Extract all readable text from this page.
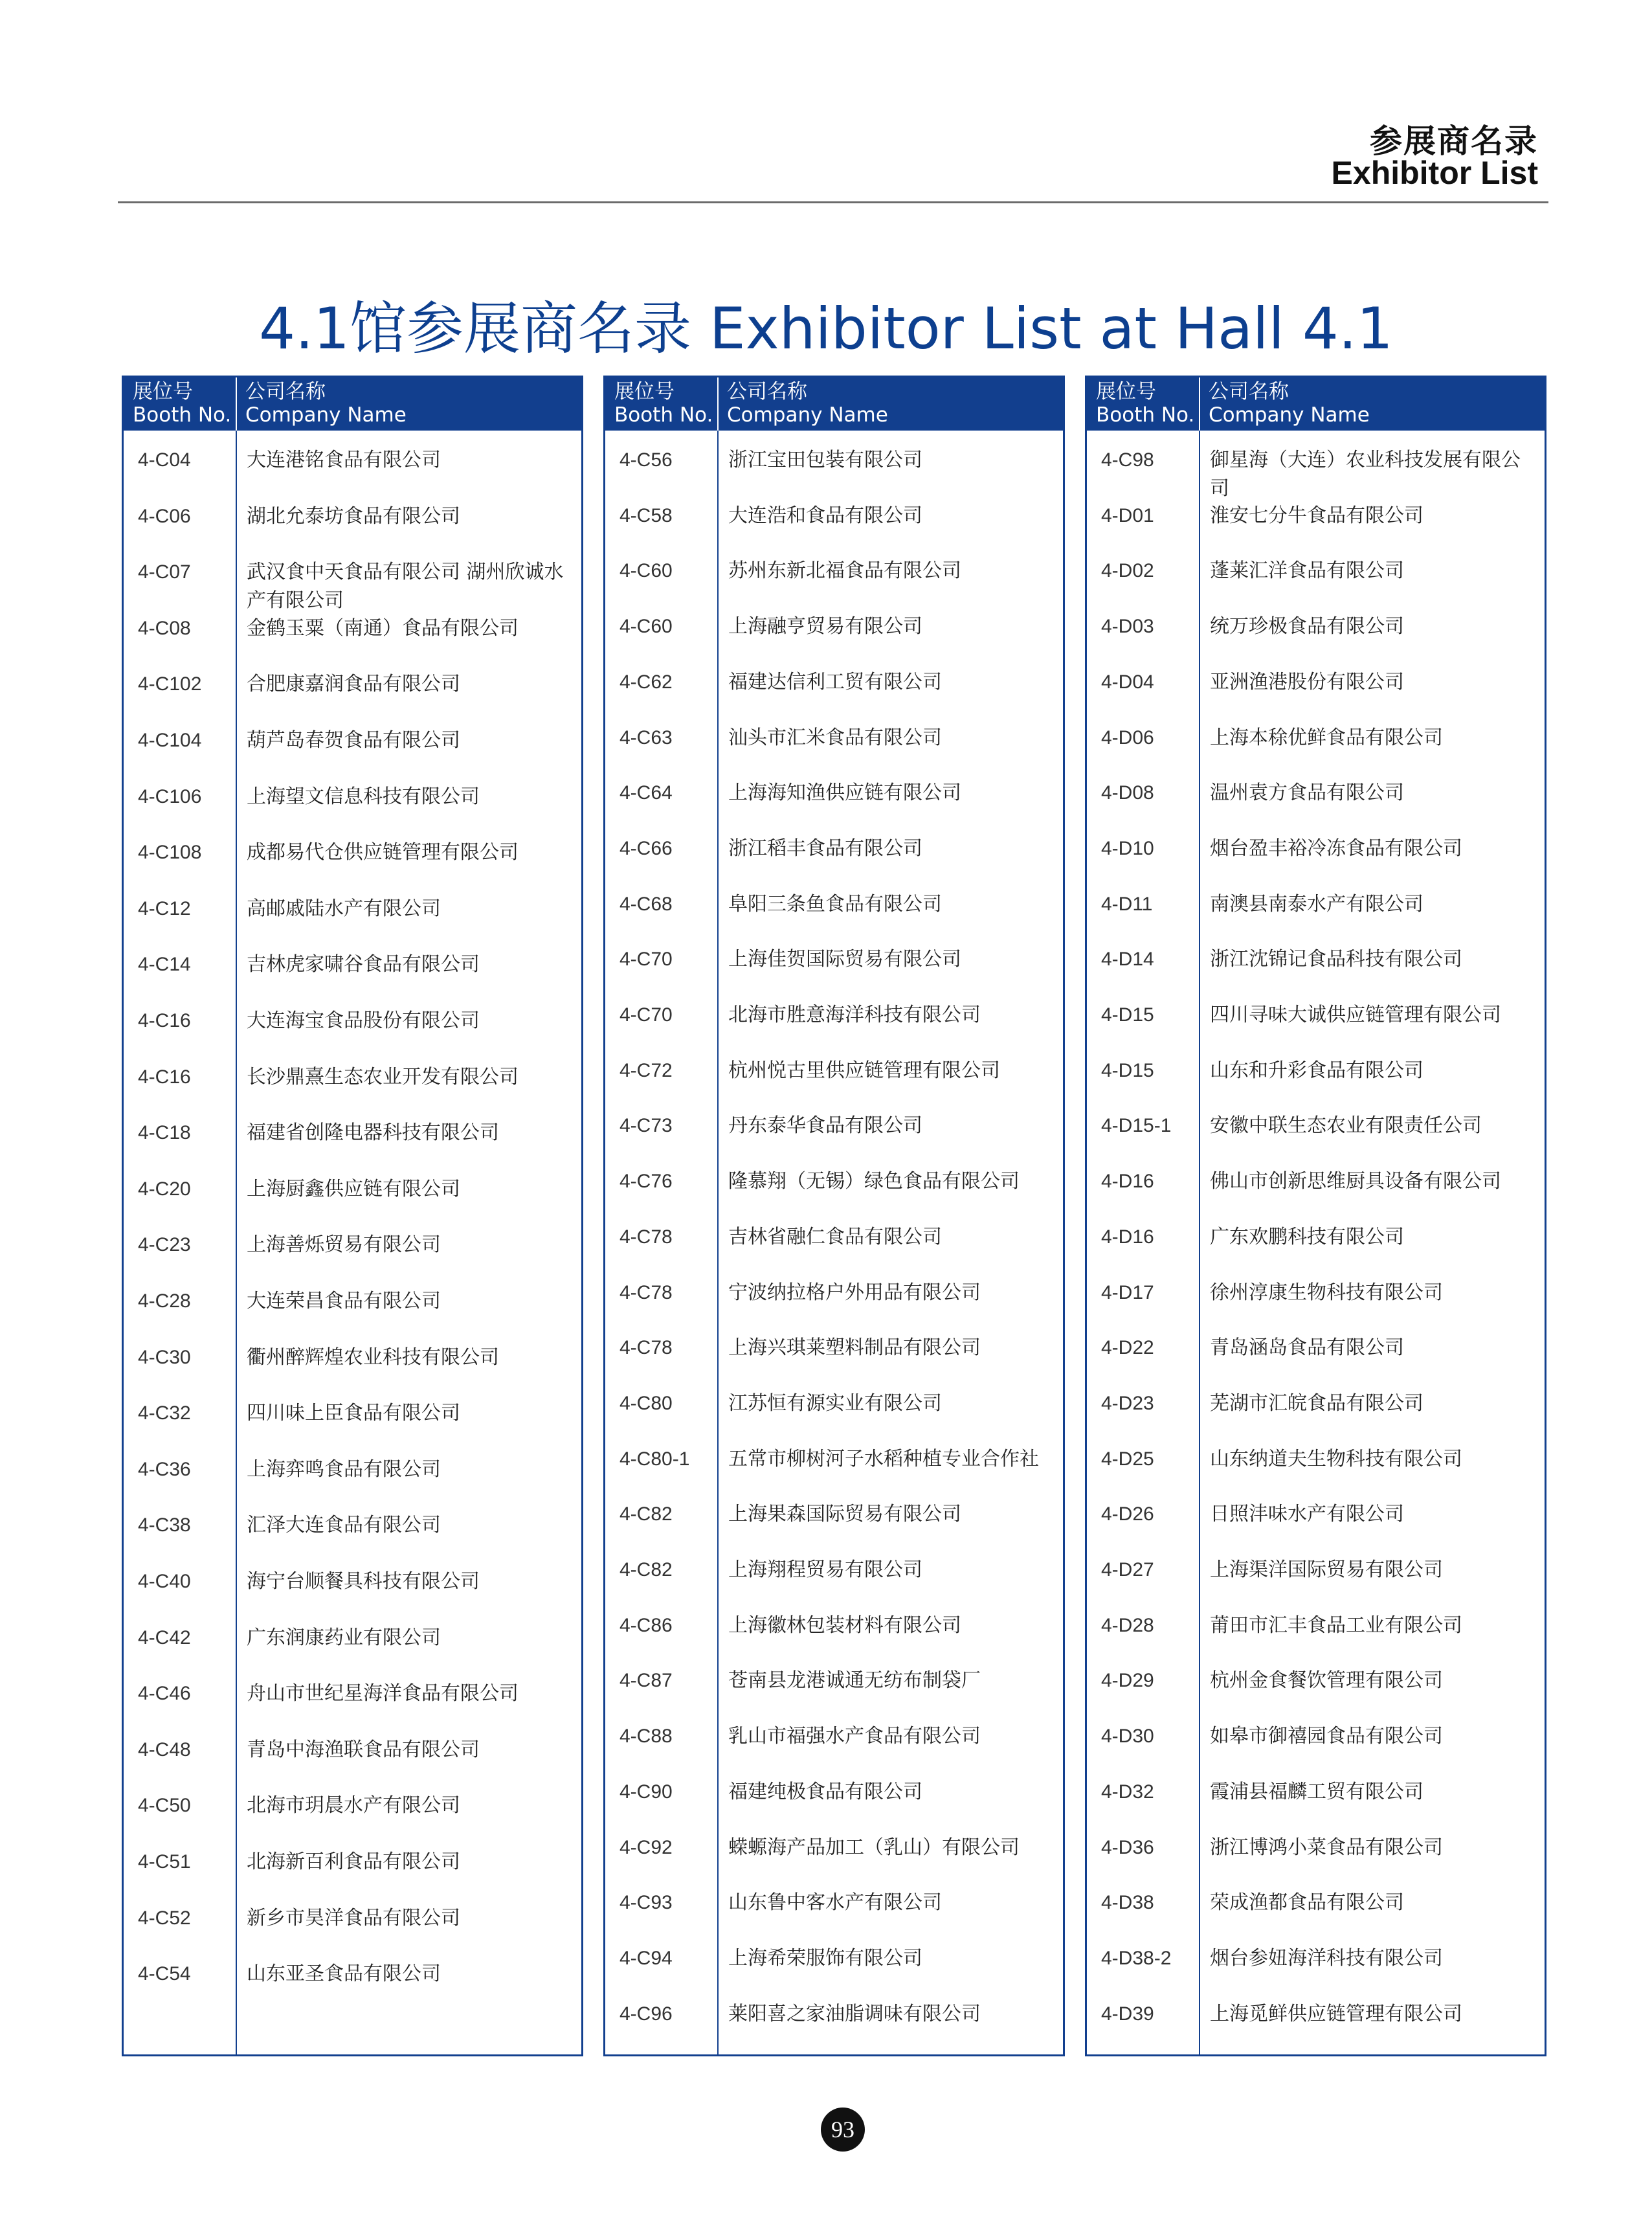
参展商名录
Exhibitor List
4.1馆参展商名录 Exhibitor List at Hall 4.1
展位号
Booth No.
公司名称
Company Name
4-C04	大连港铭食品有限公司
4-C06	湖北允泰坊食品有限公司
4-C07	武汉食中天食品有限公司 湖州欣诚水产有限公司
4-C08	金鹤玉粟（南通）食品有限公司
4-C102 合肥康嘉润食品有限公司
4-C104 葫芦岛春贺食品有限公司
4-C106 上海望文信息科技有限公司
4-C108 成都易代仓供应链管理有限公司
4-C12	高邮戚陆水产有限公司
4-C14	吉林虎家啸谷食品有限公司
4-C16	大连海宝食品股份有限公司
4-C16	长沙鼎熹生态农业开发有限公司
4-C18	福建省创隆电器科技有限公司
4-C20	上海厨鑫供应链有限公司
4-C23	上海善烁贸易有限公司
4-C28	大连荣昌食品有限公司
4-C30	衢州醉辉煌农业科技有限公司
4-C32	四川味上臣食品有限公司
4-C36	上海弈鸣食品有限公司
4-C38	汇泽大连食品有限公司
4-C40	海宁台顺餐具科技有限公司
4-C42	广东润康药业有限公司
4-C46	舟山市世纪星海洋食品有限公司
4-C48	青岛中海渔联食品有限公司
4-C50	北海市玥晨水产有限公司
4-C51	北海新百利食品有限公司
4-C52	新乡市昊洋食品有限公司
4-C54	山东亚圣食品有限公司
展位号
Booth No.
公司名称
Company Name
4-C56	浙江宝田包装有限公司
4-C58	大连浩和食品有限公司
4-C60	苏州东新北福食品有限公司
4-C60	上海融亨贸易有限公司
4-C62	福建达信利工贸有限公司
4-C63	汕头市汇米食品有限公司
4-C64	上海海知渔供应链有限公司
4-C66	浙江稻丰食品有限公司
4-C68	阜阳三条鱼食品有限公司
4-C70	上海佳贺国际贸易有限公司
4-C70	北海市胜意海洋科技有限公司
4-C72	杭州悦古里供应链管理有限公司
4-C73	丹东泰华食品有限公司
4-C76	隆慕翔（无锡）绿色食品有限公司
4-C78	吉林省融仁食品有限公司
4-C78	宁波纳拉格户外用品有限公司
4-C78	上海兴琪莱塑料制品有限公司
4-C80	江苏恒有源实业有限公司
4-C80-1 五常市柳树河子水稻种植专业合作社
4-C82	上海果森国际贸易有限公司
4-C82	上海翔程贸易有限公司
4-C86	上海徽林包装材料有限公司
4-C87	苍南县龙港诚通无纺布制袋厂
4-C88	乳山市福强水产食品有限公司
4-C90	福建纯极食品有限公司
4-C92	蝾螈海产品加工（乳山）有限公司
4-C93	山东鲁中客水产有限公司
4-C94	上海希荣服饰有限公司
4-C96	莱阳喜之家油脂调味有限公司
展位号
Booth No.
公司名称
Company Name
4-C98	御星海（大连）农业科技发展有限公司
4-D01	淮安七分牛食品有限公司
4-D02	蓬莱汇洋食品有限公司
4-D03	统万珍极食品有限公司
4-D04	亚洲渔港股份有限公司
4-D06	上海本稌优鲜食品有限公司
4-D08	温州袁方食品有限公司
4-D10	烟台盈丰裕冷冻食品有限公司
4-D11	南澳县南泰水产有限公司
4-D14	浙江沈锦记食品科技有限公司
4-D15	四川寻味大诚供应链管理有限公司
4-D15	山东和升彩食品有限公司
4-D15-1 安徽中联生态农业有限责任公司
4-D16	佛山市创新思维厨具设备有限公司
4-D16	广东欢鹏科技有限公司
4-D17	徐州淳康生物科技有限公司
4-D22	青岛涵岛食品有限公司
4-D23	芜湖市汇皖食品有限公司
4-D25	山东纳道夫生物科技有限公司
4-D26	日照沣味水产有限公司
4-D27	上海渠洋国际贸易有限公司
4-D28	莆田市汇丰食品工业有限公司
4-D29	杭州金食餐饮管理有限公司
4-D30	如皋市御禧园食品有限公司
4-D32	霞浦县福麟工贸有限公司
4-D36	浙江博鸿小菜食品有限公司
4-D38	荣成渔都食品有限公司
4-D38-2 烟台参妞海洋科技有限公司
4-D39	上海觅鲜供应链管理有限公司
93
